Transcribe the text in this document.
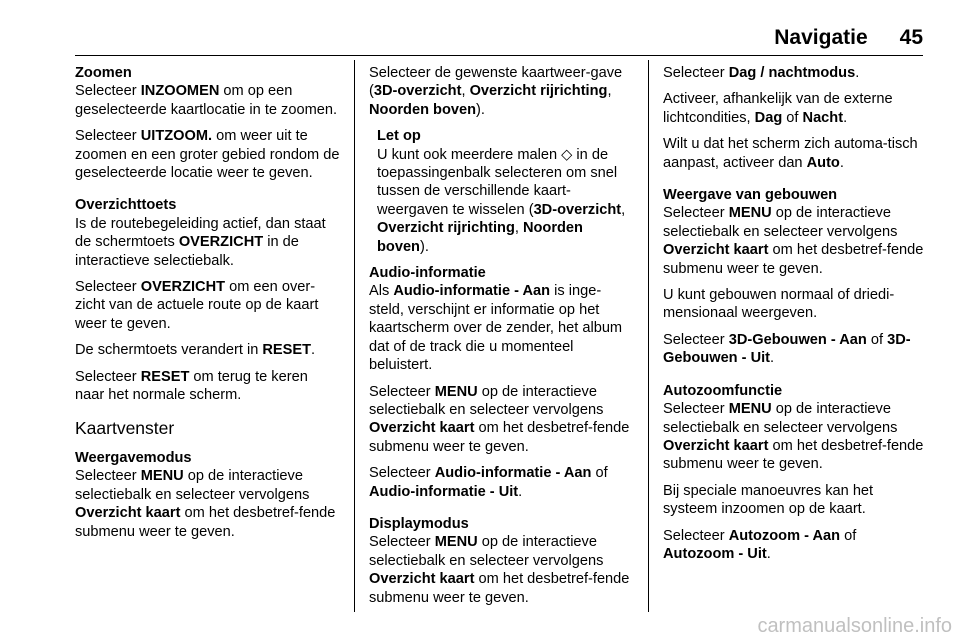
Navigatie 45

Zoomen

Selecteer INZOOMEN om op een geselecteerde kaartlocatie in te zoomen.

Selecteer UITZOOM. om weer uit te zoomen en een groter gebied rondom de geselecteerde locatie weer te geven.

Overzichttoets

Is de routebegeleiding actief, dan staat de schermtoets OVERZICHT in de interactieve selectiebalk.

Selecteer OVERZICHT om een over‐zicht van de actuele route op de kaart weer te geven.

De schermtoets verandert in RESET.

Selecteer RESET om terug te keren naar het normale scherm.

Kaartvenster

Weergavemodus

Selecteer MENU op de interactieve selectiebalk en selecteer vervolgens Overzicht kaart om het desbetref‐fende submenu weer te geven.

Selecteer de gewenste kaartweer‐gave (3D-overzicht, Overzicht rijrichting, Noorden boven).

Let op

U kunt ook meerdere malen ◇ in de toepassingenbalk selecteren om snel tussen de verschillende kaart‐weergaven te wisselen (3D-overzicht, Overzicht rijrichting, Noorden boven).

Audio-informatie

Als Audio-informatie - Aan is inge‐steld, verschijnt er informatie op het kaartscherm over de zender, het album dat of de track die u momenteel beluistert.

Selecteer MENU op de interactieve selectiebalk en selecteer vervolgens Overzicht kaart om het desbetref‐fende submenu weer te geven.

Selecteer Audio-informatie - Aan of Audio-informatie - Uit.

Displaymodus

Selecteer MENU op de interactieve selectiebalk en selecteer vervolgens Overzicht kaart om het desbetref‐fende submenu weer te geven.

Selecteer Dag / nachtmodus.

Activeer, afhankelijk van de externe lichtcondities, Dag of Nacht.

Wilt u dat het scherm zich automa‐tisch aanpast, activeer dan Auto.

Weergave van gebouwen

Selecteer MENU op de interactieve selectiebalk en selecteer vervolgens Overzicht kaart om het desbetref‐fende submenu weer te geven.

U kunt gebouwen normaal of driedi‐mensionaal weergeven.

Selecteer 3D-Gebouwen - Aan of 3D-Gebouwen - Uit.

Autozoomfunctie

Selecteer MENU op de interactieve selectiebalk en selecteer vervolgens Overzicht kaart om het desbetref‐fende submenu weer te geven.

Bij speciale manoeuvres kan het systeem inzoomen op de kaart.

Selecteer Autozoom - Aan of Autozoom - Uit.

carmanualsonline.info
